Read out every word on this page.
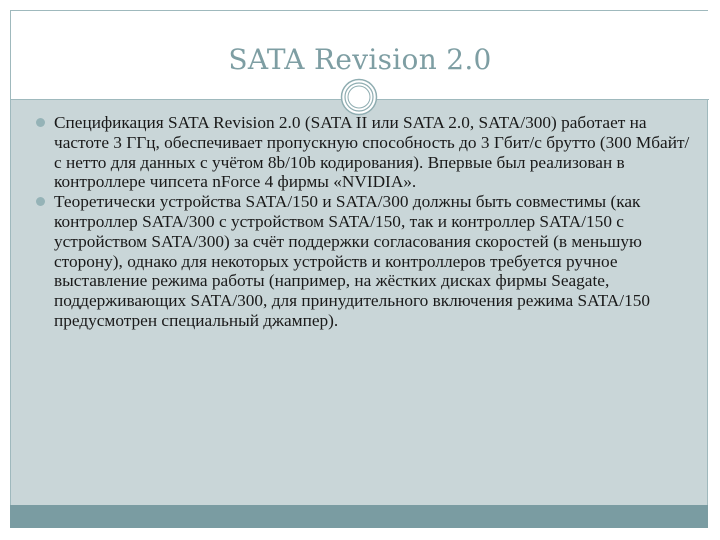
SATA Revision 2.0
Спецификация SATA Revision 2.0 (SATA II или SATA 2.0, SATA/300) работает на частоте 3 ГГц, обеспечивает пропускную способность до 3 Гбит/с брутто (300 Мбайт/с нетто для данных с учётом 8b/10b кодирования). Впервые был реализован в контроллере чипсета nForce 4 фирмы «NVIDIA».
Теоретически устройства SATA/150 и SATA/300 должны быть совместимы (как контроллер SATA/300 с устройством SATA/150, так и контроллер SATA/150 с устройством SATA/300) за счёт поддержки согласования скоростей (в меньшую сторону), однако для некоторых устройств и контроллеров требуется ручное выставление режима работы (например, на жёстких дисках фирмы Seagate, поддерживающих SATA/300, для принудительного включения режима SATA/150 предусмотрен специальный джампер).
